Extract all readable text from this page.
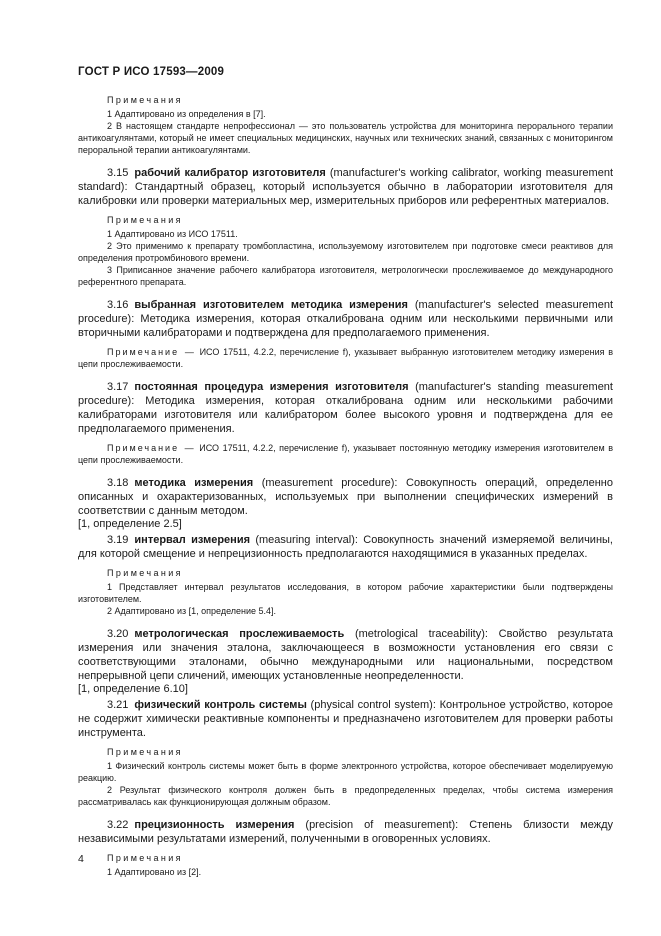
ГОСТ Р ИСО 17593—2009
Примечания
1 Адаптировано из определения в [7].
2 В настоящем стандарте непрофессионал — это пользователь устройства для мониторинга перорального терапии антикоагулянтами, который не имеет специальных медицинских, научных или технических знаний, связанных с мониторингом пероральной терапии антикоагулянтами.
3.15 рабочий калибратор изготовителя (manufacturer's working calibrator, working measurement standard): Стандартный образец, который используется обычно в лаборатории изготовителя для калибровки или проверки материальных мер, измерительных приборов или референтных материалов.
Примечания
1 Адаптировано из ИСО 17511.
2 Это применимо к препарату тромбопластина, используемому изготовителем при подготовке смеси реактивов для определения протромбинового времени.
3 Приписанное значение рабочего калибратора изготовителя, метрологически прослеживаемое до международного референтного препарата.
3.16 выбранная изготовителем методика измерения (manufacturer's selected measurement procedure): Методика измерения, которая откалибрована одним или несколькими первичными или вторичными калибраторами и подтверждена для предполагаемого применения.
Примечание — ИСО 17511, 4.2.2, перечисление f), указывает выбранную изготовителем методику измерения в цепи прослеживаемости.
3.17 постоянная процедура измерения изготовителя (manufacturer's standing measurement procedure): Методика измерения, которая откалибрована одним или несколькими рабочими калибраторами изготовителя или калибратором более высокого уровня и подтверждена для ее предполагаемого применения.
Примечание — ИСО 17511, 4.2.2, перечисление f), указывает постоянную методику измерения изготовителем в цепи прослеживаемости.
3.18 методика измерения (measurement procedure): Совокупность операций, определенно описанных и охарактеризованных, используемых при выполнении специфических измерений в соответствии с данным методом.
[1, определение 2.5]
3.19 интервал измерения (measuring interval): Совокупность значений измеряемой величины, для которой смещение и непрецизионность предполагаются находящимися в указанных пределах.
Примечания
1 Представляет интервал результатов исследования, в котором рабочие характеристики были подтверждены изготовителем.
2 Адаптировано из [1, определение 5.4].
3.20 метрологическая прослеживаемость (metrological traceability): Свойство результата измерения или значения эталона, заключающееся в возможности установления его связи с соответствующими эталонами, обычно международными или национальными, посредством непрерывной цепи сличений, имеющих установленные неопределенности.
[1, определение 6.10]
3.21 физический контроль системы (physical control system): Контрольное устройство, которое не содержит химически реактивные компоненты и предназначено изготовителем для проверки работы инструмента.
Примечания
1 Физический контроль системы может быть в форме электронного устройства, которое обеспечивает моделируемую реакцию.
2 Результат физического контроля должен быть в предопределенных пределах, чтобы система измерения рассматривалась как функционирующая должным образом.
3.22 прецизионность измерения (precision of measurement): Степень близости между независимыми результатами измерений, полученными в оговоренных условиях.
Примечания
1 Адаптировано из [2].
4
